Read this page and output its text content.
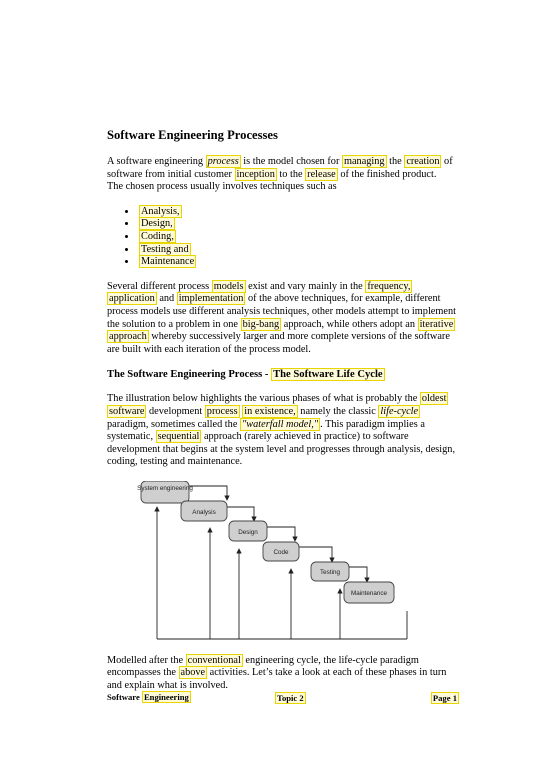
Software Engineering Processes

A software engineering process is the model chosen for managing the creation of software from initial customer inception to the release of the finished product.
The chosen process usually involves techniques such as

• Analysis,
• Design,
• Coding,
• Testing and
• Maintenance

Several different process models exist and vary mainly in the frequency, application and implementation of the above techniques, for example, different process models use different analysis techniques, other models attempt to implement the solution to a problem in one big-bang approach, while others adopt an iterative approach whereby successively larger and more complete versions of the software are built with each iteration of the process model.

The Software Engineering Process - The Software Life Cycle

The illustration below highlights the various phases of what is probably the oldest software development process in existence, namely the classic life-cycle paradigm, sometimes called the "waterfall model," . This paradigm implies a systematic, sequential approach (rarely achieved in practice) to software development that begins at the system level and progresses through analysis, design, coding, testing and maintenance.

System engineering
Analysis
Design
Code
Testing
Maintenance

Modelled after the conventional engineering cycle, the life-cycle paradigm encompasses the above activities. Let’s take a look at each of these phases in turn and explain what is involved.

Software Engineering	Topic 2	Page 1
